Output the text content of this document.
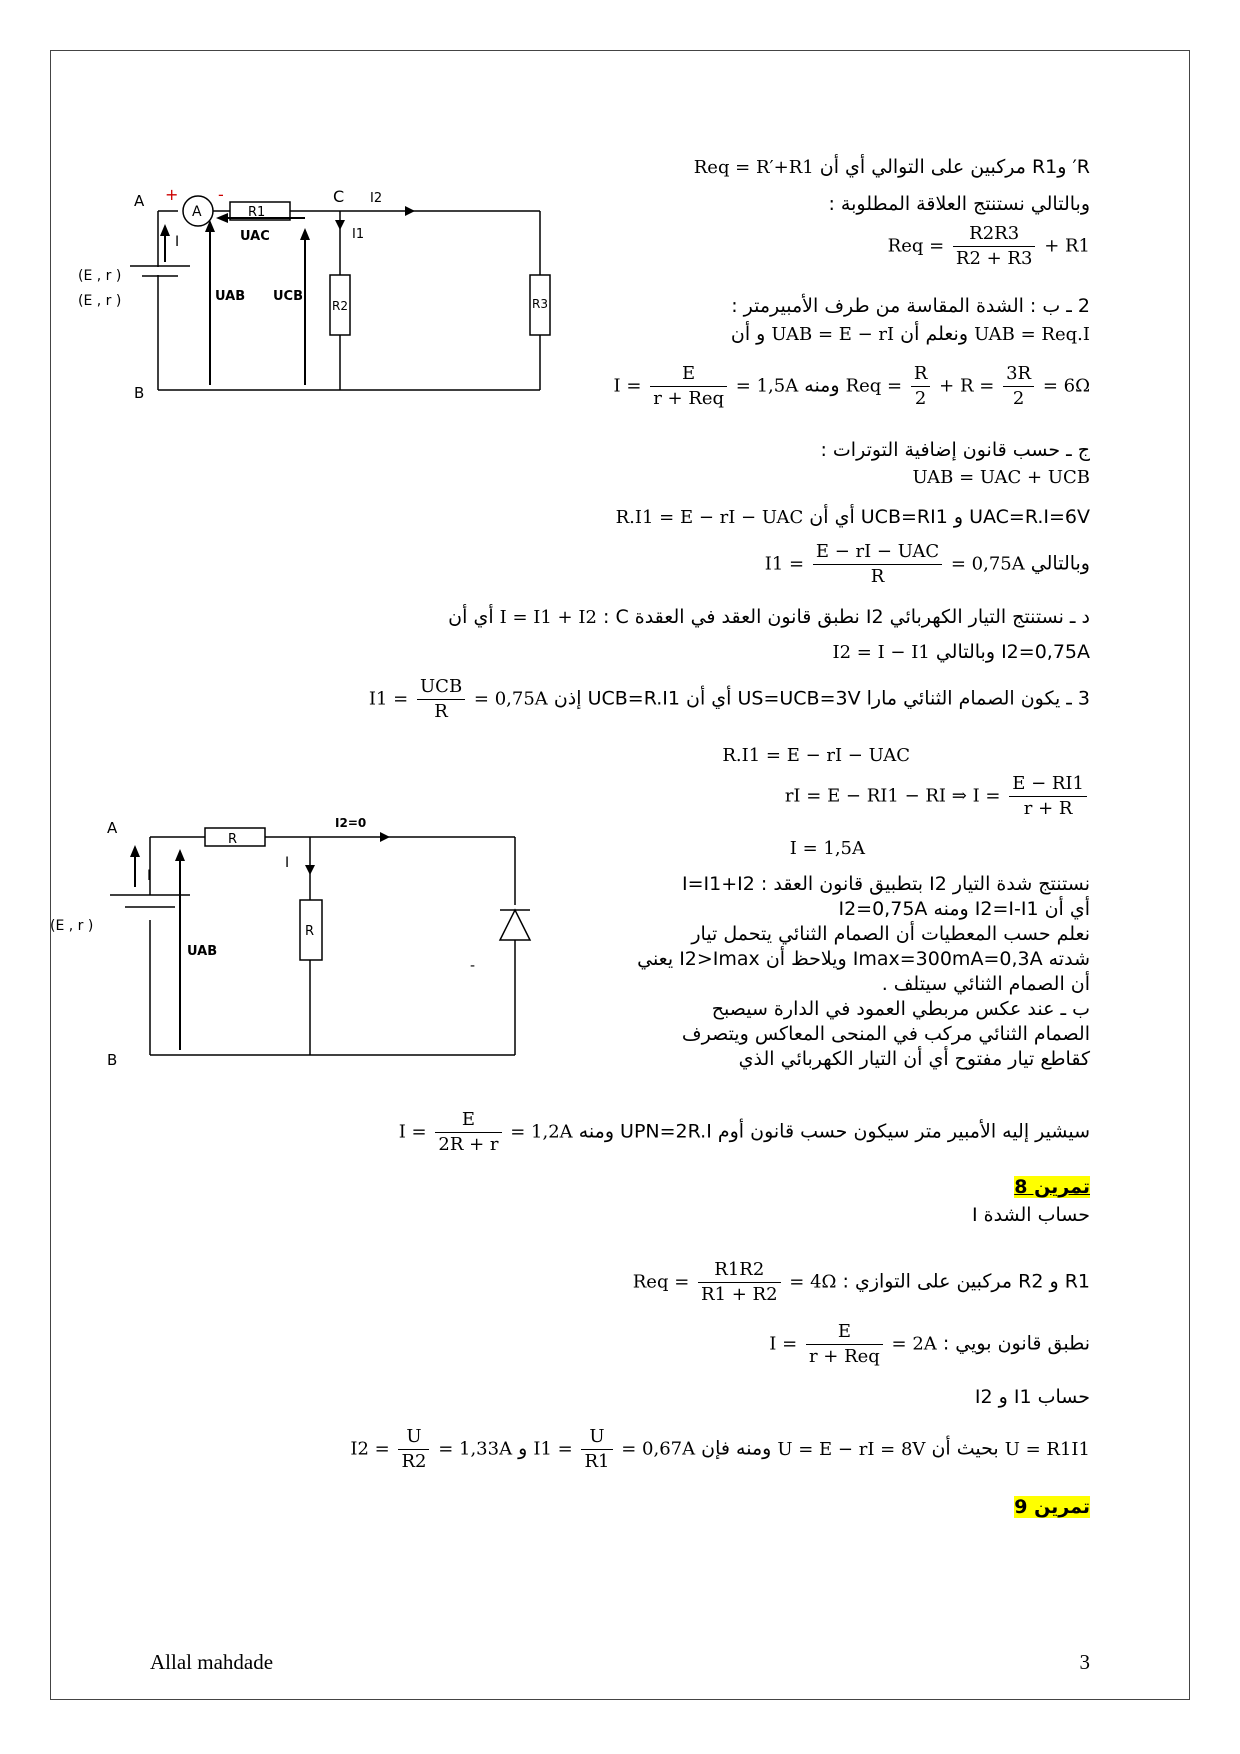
A
B
C
+ -
A	R1
R2	R3
I	I1
I2
UAC
UAB UCB
(E , r )
(E , r )
A
B
R
R
I
I
I2=0
UAB
-
(E , r )
R′ وR1 مركبين على التوالي أي أن Req = R′+R1
وبالتالي نستنتج العلاقة المطلوبة :
Req = $\frac{R2R3}{R2 + R3} + R1$
2 ـ ب : الشدة المقاسة من طرف الأمبيرمتر :
UAB = Req.I ونعلم أن UAB = E − rI و أن
Req = $\frac{R}{2} + R = \frac{3R}{2} = 6\Omega$ ومنه $I = \frac{E}{\text{r + Req}} = 1,5A$
ج ـ حسب قانون إضافية التوترات :
UAB = UAC + UCB
UAC=R.I=6V و UCB=RI1 أي أن R.I1 = E − rI − UAC
وبالتالي $I1 = \frac{\text{E − rI − UAC}}{R} = 0,75A$
د ـ نستنتج التيار الكهربائي I2 نطبق قانون العقد في العقدة C : I = I1 + I2 أي أن
I2=0,75A وبالتالي I2 = I − I1
3 ـ يكون الصمام الثنائي مارا US=UCB=3V أي أن UCB=R.I1 إذن $I1 = \frac{\text{UCB}}{R} = 0,75A$
R.I1 = E − rI − UAC
rI = E − RI1 − RI ⇒ $I = \frac{E - RI1}{r + R}$
I = 1,5A
نستنتج شدة التيار I2 بتطبيق قانون العقد : I=I1+I2
أي أن I2=I-I1 ومنه I2=0,75A
نعلم حسب المعطيات أن الصمام الثنائي يتحمل تيار
شدته Imax=300mA=0,3A ويلاحظ أن I2>Imax يعني
أن الصمام الثنائي سيتلف .
ب ـ عند عكس مربطي العمود في الدارة سيصبح
الصمام الثنائي مركب في المنحى المعاكس ويتصرف
كقاطع تيار مفتوح أي أن التيار الكهربائي الذي
سيشير إليه الأمبير متر سيكون حسب قانون أوم UPN=2R.I ومنه $I = \frac{E}{2R + r} = 1,2A$
تمرين 8
حساب الشدة I
R1 و R2 مركبين على التوازي : Req = $\frac{R1R2}{R1 + R2} = 4\Omega$
نطبق قانون بويي : $I = \frac{E}{\text{r + Req}} = 2A$
حساب I1 و I2
U = R1I1 بحيث أن U = E − rI = 8V ومنه فإن $I1 = \frac{U}{R1} = 0,67A$ و $I2 = \frac{U}{R2} = 1,33A$
تمرين 9
Allal mahdade	3
